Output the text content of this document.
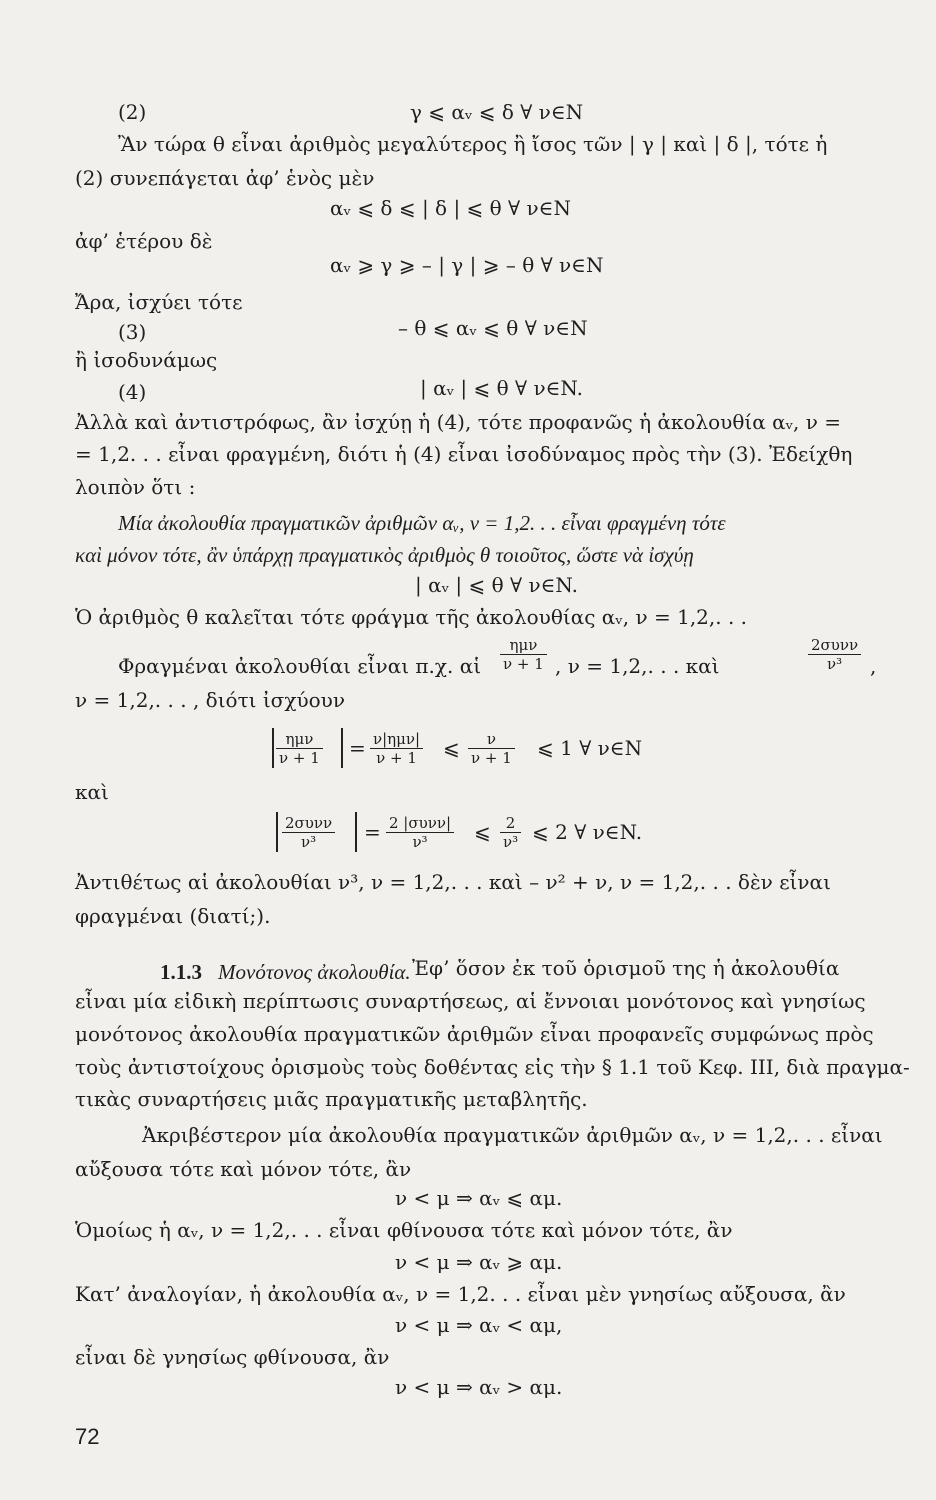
(2)	γ ⩽ αᵥ ⩽ δ ∀ ν∈N
Ἂν τώρα θ εἶναι ἀριθμὸς μεγαλύτερος ἢ ἴσος τῶν | γ | καὶ | δ |, τότε ἡ
(2) συνεπάγεται ἀφ’ ἑνὸς μὲν
αᵥ ⩽ δ ⩽ | δ | ⩽ θ ∀ ν∈N
ἀφ’ ἑτέρου δὲ
αᵥ ⩾ γ ⩾ – | γ | ⩾ – θ ∀ ν∈N
Ἄρα, ἰσχύει τότε
(3)	– θ ⩽ αᵥ ⩽ θ ∀ ν∈N
ἢ ἰσοδυνάμως
(4)	| αᵥ | ⩽ θ ∀ ν∈N.
Ἀλλὰ καὶ ἀντιστρόφως, ἂν ἰσχύῃ ἡ (4), τότε προφανῶς ἡ ἀκολουθία αᵥ, ν =
= 1,2. . . εἶναι φραγμένη, διότι ἡ (4) εἶναι ἰσοδύναμος πρὸς τὴν (3). Ἐδείχθη
λοιπὸν ὅτι :
Μία ἀκολουθία πραγματικῶν ἀριθμῶν αᵥ, ν = 1,2. . . εἶναι φραγμένη τότε
καὶ μόνον τότε, ἂν ὑπάρχῃ πραγματικὸς ἀριθμὸς θ τοιοῦτος, ὥστε νὰ ἰσχύῃ
| αᵥ | ⩽ θ ∀ ν∈N.
Ὁ ἀριθμὸς θ καλεῖται τότε φράγμα τῆς ἀκολουθίας αᵥ, ν = 1,2,. . .
Φραγμέναι ἀκολουθίαι εἶναι π.χ. αἱ
ημν
ν + 1 , ν = 1,2,. . . καὶ
2συνν
ν³	,
ν = 1,2,. . . , διότι ἰσχύουν
ημν
ν + 1 = ν|ημν|
ν + 1	⩽ $\frac{\nu}{\nu + 1}$ ⩽ 1 ∀ ν∈N
καὶ
2συνν
ν³	= 2 |συνν|
ν³	⩽ $\frac{2}{\text{ν³}}$ ⩽ 2 ∀ ν∈N.
Ἀντιθέτως αἱ ἀκολουθίαι ν³, ν = 1,2,. . . καὶ – ν² + ν, ν = 1,2,. . . δὲν εἶναι
φραγμέναι (διατί;).
1.1.3 Μονότονος ἀκολουθία. Ἐφ’ ὅσον ἐκ τοῦ ὁρισμοῦ της ἡ ἀκολουθία
εἶναι μία εἰδικὴ περίπτωσις συναρτήσεως, αἱ ἔννοιαι μονότονος καὶ γνησίως
μονότονος ἀκολουθία πραγματικῶν ἀριθμῶν εἶναι προφανεῖς συμφώνως πρὸς
τοὺς ἀντιστοίχους ὁρισμοὺς τοὺς δοθέντας εἰς τὴν § 1.1 τοῦ Κεφ. III, διὰ πραγμα-
τικὰς συναρτήσεις μιᾶς πραγματικῆς μεταβλητῆς.
Ἀκριβέστερον μία ἀκολουθία πραγματικῶν ἀριθμῶν αᵥ, ν = 1,2,. . . εἶναι
αὔξουσα τότε καὶ μόνον τότε, ἂν
ν < μ ⇒ αᵥ ⩽ αμ.
Ὁμοίως ἡ αᵥ, ν = 1,2,. . . εἶναι φθίνουσα τότε καὶ μόνον τότε, ἂν
ν < μ ⇒ αᵥ ⩾ αμ.
Κατ’ ἀναλογίαν, ἡ ἀκολουθία αᵥ, ν = 1,2. . . εἶναι μὲν γνησίως αὔξουσα, ἂν
ν < μ ⇒ αᵥ < αμ,
εἶναι δὲ γνησίως φθίνουσα, ἂν
ν < μ ⇒ αᵥ > αμ.
72
